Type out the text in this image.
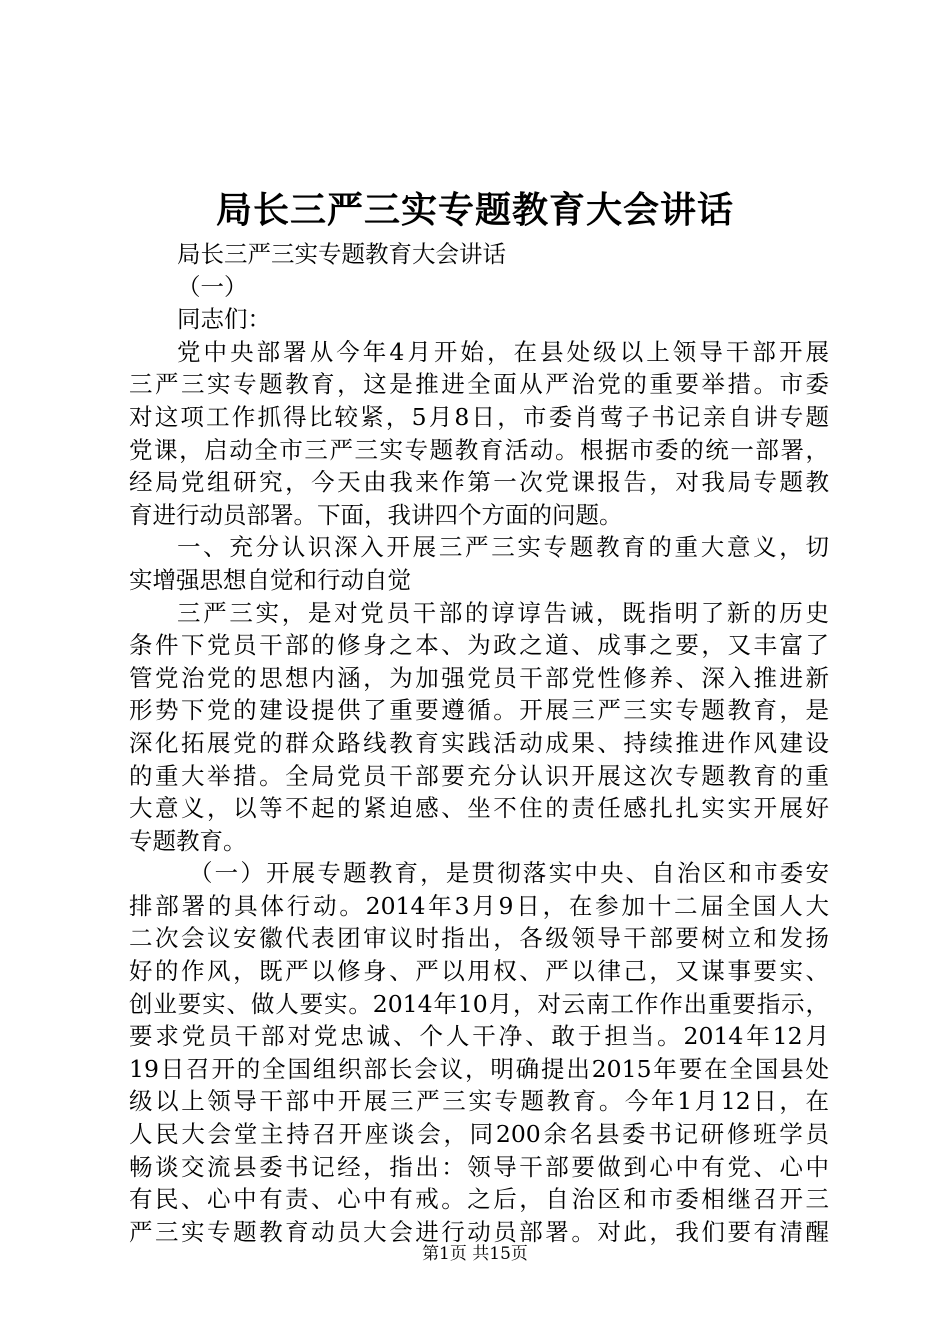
局长三严三实专题教育大会讲话
局长三严三实专题教育大会讲话
（一）
同志们：
党中央部署从今年4月开始，在县处级以上领导干部开展
三严三实专题教育，这是推进全面从严治党的重要举措。市委
对这项工作抓得比较紧，5月8日，市委肖莺子书记亲自讲专题
党课，启动全市三严三实专题教育活动。根据市委的统一部署，
经局党组研究，今天由我来作第一次党课报告，对我局专题教
育进行动员部署。下面，我讲四个方面的问题。
一、充分认识深入开展三严三实专题教育的重大意义，切
实增强思想自觉和行动自觉
三严三实，是对党员干部的谆谆告诫，既指明了新的历史
条件下党员干部的修身之本、为政之道、成事之要，又丰富了
管党治党的思想内涵，为加强党员干部党性修养、深入推进新
形势下党的建设提供了重要遵循。开展三严三实专题教育，是
深化拓展党的群众路线教育实践活动成果、持续推进作风建设
的重大举措。全局党员干部要充分认识开展这次专题教育的重
大意义，以等不起的紧迫感、坐不住的责任感扎扎实实开展好
专题教育。
（一）开展专题教育，是贯彻落实中央、自治区和市委安
排部署的具体行动。2014年3月9日，在参加十二届全国人大
二次会议安徽代表团审议时指出，各级领导干部要树立和发扬
好的作风，既严以修身、严以用权、严以律己，又谋事要实、
创业要实、做人要实。2014年10月，对云南工作作出重要指示，
要求党员干部对党忠诚、个人干净、敢于担当。2014年12月
19日召开的全国组织部长会议，明确提出2015年要在全国县处
级以上领导干部中开展三严三实专题教育。今年1月12日，在
人民大会堂主持召开座谈会，同200余名县委书记研修班学员
畅谈交流县委书记经，指出：领导干部要做到心中有党、心中
有民、心中有责、心中有戒。之后，自治区和市委相继召开三
严三实专题教育动员大会进行动员部署。对此，我们要有清醒
第1页 共15页
